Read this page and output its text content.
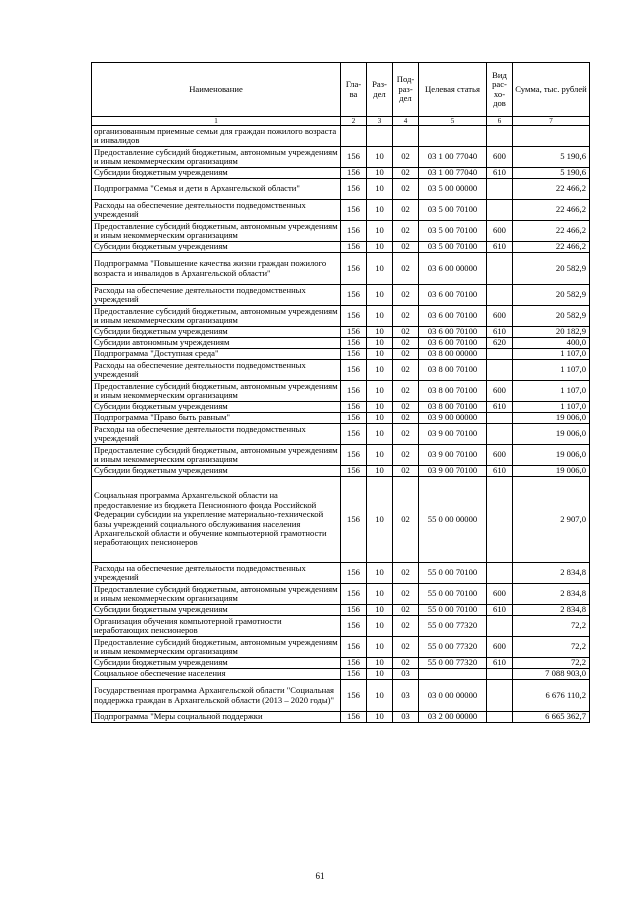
Наименование	Гла-ва	Раз-дел	Под-раз-дел	Целевая статья	Вид рас-хо-дов	Сумма, тыс. рублей
1	2	3	4	5	6	7
организованным приемные семьи для граждан пожилого возраста и инвалидов						
Предоставление субсидий бюджетным, автономным учреждениям и иным некоммерческим организациям	156	10	02	03 1 00 77040	600	5 190,6
Субсидии бюджетным учреждениям	156	10	02	03 1 00 77040	610	5 190,6
Подпрограмма "Семья и дети в Архангельской области"	156	10	02	03 5 00 00000		22 466,2
Расходы на обеспечение деятельности подведомственных учреждений	156	10	02	03 5 00 70100		22 466,2
Предоставление субсидий бюджетным, автономным учреждениям и иным некоммерческим организациям	156	10	02	03 5 00 70100	600	22 466,2
Субсидии бюджетным учреждениям	156	10	02	03 5 00 70100	610	22 466,2
Подпрограмма "Повышение качества жизни граждан пожилого возраста и инвалидов в Архангельской области"	156	10	02	03 6 00 00000		20 582,9
Расходы на обеспечение деятельности подведомственных учреждений	156	10	02	03 6 00 70100		20 582,9
Предоставление субсидий бюджетным, автономным учреждениям и иным некоммерческим организациям	156	10	02	03 6 00 70100	600	20 582,9
Субсидии бюджетным учреждениям	156	10	02	03 6 00 70100	610	20 182,9
Субсидии автономным учреждениям	156	10	02	03 6 00 70100	620	400,0
Подпрограмма "Доступная среда"	156	10	02	03 8 00 00000		1 107,0
Расходы на обеспечение деятельности подведомственных учреждений	156	10	02	03 8 00 70100		1 107,0
Предоставление субсидий бюджетным, автономным учреждениям и иным некоммерческим организациям	156	10	02	03 8 00 70100	600	1 107,0
Субсидии бюджетным учреждениям	156	10	02	03 8 00 70100	610	1 107,0
Подпрограмма "Право быть равным"	156	10	02	03 9 00 00000		19 006,0
Расходы на обеспечение деятельности подведомственных учреждений	156	10	02	03 9 00 70100		19 006,0
Предоставление субсидий бюджетным, автономным учреждениям и иным некоммерческим организациям	156	10	02	03 9 00 70100	600	19 006,0
Субсидии бюджетным учреждениям	156	10	02	03 9 00 70100	610	19 006,0
Социальная программа Архангельской области на предоставление из бюджета Пенсионного фонда Российской Федерации субсидии на укрепление материально-технической базы учреждений социального обслуживания населения Архангельской области и обучение компьютерной грамотности неработающих пенсионеров	156	10	02	55 0 00 00000		2 907,0
Расходы на обеспечение деятельности подведомственных учреждений	156	10	02	55 0 00 70100		2 834,8
Предоставление субсидий бюджетным, автономным учреждениям и иным некоммерческим организациям	156	10	02	55 0 00 70100	600	2 834,8
Субсидии бюджетным учреждениям	156	10	02	55 0 00 70100	610	2 834,8
Организация обучения компьютерной грамотности неработающих пенсионеров	156	10	02	55 0 00 77320		72,2
Предоставление субсидий бюджетным, автономным учреждениям и иным некоммерческим организациям	156	10	02	55 0 00 77320	600	72,2
Субсидии бюджетным учреждениям	156	10	02	55 0 00 77320	610	72,2
Социальное обеспечение населения	156	10	03			7 088 903,0
Государственная программа Архангельской области "Социальная поддержка граждан в Архангельской области (2013 – 2020 годы)"	156	10	03	03 0 00 00000		6 676 110,2
Подпрограмма "Меры социальной поддержки	156	10	03	03 2 00 00000		6 665 362,7
61
